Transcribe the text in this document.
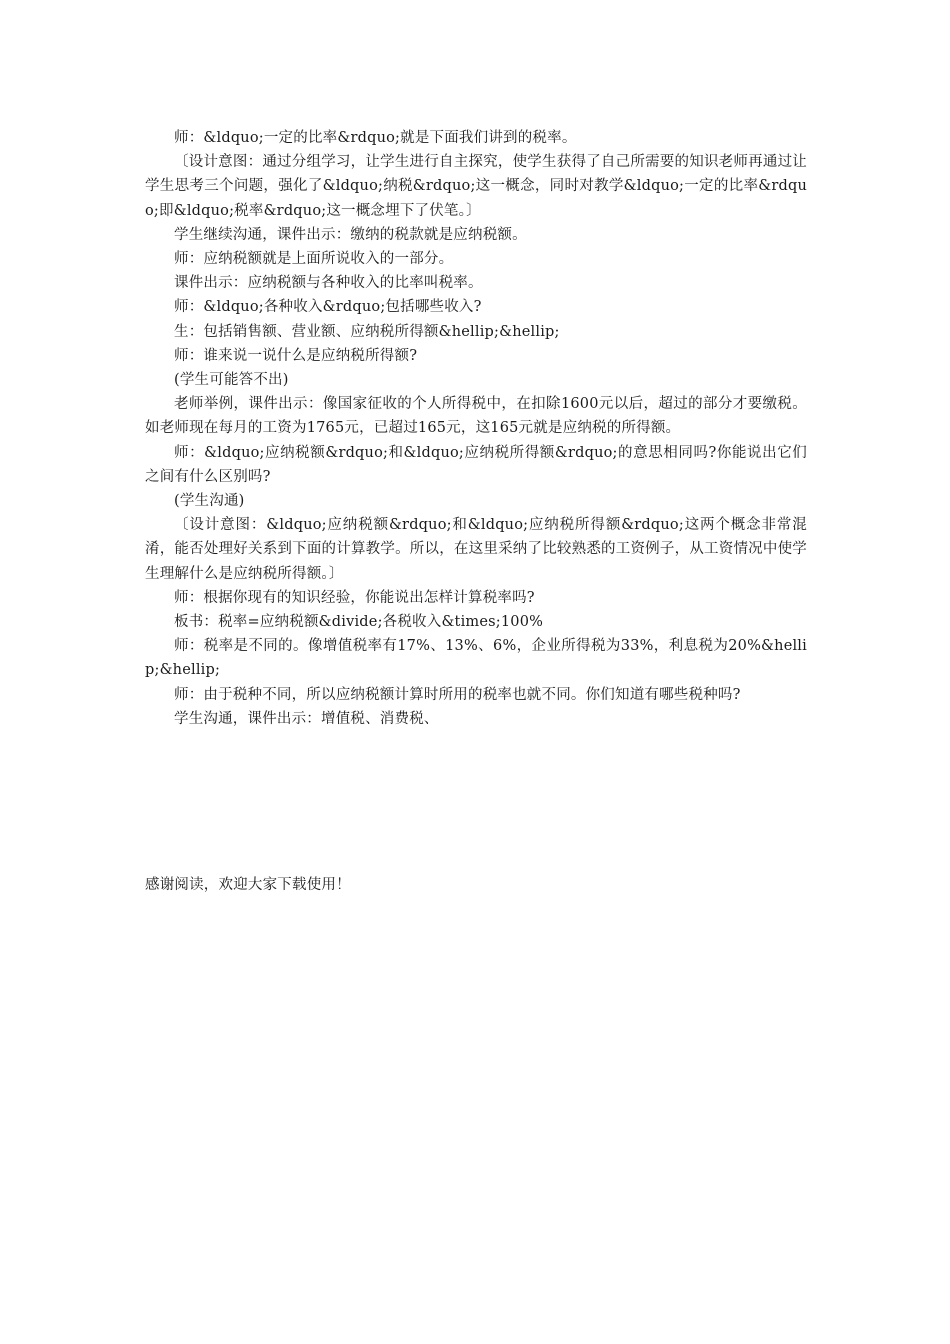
师：&ldquo;一定的比率&rdquo;就是下面我们讲到的税率。

〔设计意图：通过分组学习，让学生进行自主探究，使学生获得了自己所需要的知识老师再通过让学生思考三个问题，强化了&ldquo;纳税&rdquo;这一概念，同时对教学&ldquo;一定的比率&rdquo;即&ldquo;税率&rdquo;这一概念埋下了伏笔。〕

学生继续沟通，课件出示：缴纳的税款就是应纳税额。

师：应纳税额就是上面所说收入的一部分。

课件出示：应纳税额与各种收入的比率叫税率。

师：&ldquo;各种收入&rdquo;包括哪些收入?

生：包括销售额、营业额、应纳税所得额&hellip;&hellip;

师：谁来说一说什么是应纳税所得额?

(学生可能答不出)

老师举例，课件出示：像国家征收的个人所得税中，在扣除1600元以后，超过的部分才要缴税。如老师现在每月的工资为1765元，已超过165元，这165元就是应纳税的所得额。

师：&ldquo;应纳税额&rdquo;和&ldquo;应纳税所得额&rdquo;的意思相同吗?你能说出它们之间有什么区别吗?

(学生沟通)

〔设计意图：&ldquo;应纳税额&rdquo;和&ldquo;应纳税所得额&rdquo;这两个概念非常混淆，能否处理好关系到下面的计算教学。所以，在这里采纳了比较熟悉的工资例子，从工资情况中使学生理解什么是应纳税所得额。〕

师：根据你现有的知识经验，你能说出怎样计算税率吗?

板书：税率=应纳税额&divide;各税收入&times;100%

师：税率是不同的。像增值税率有17%、13%、6%，企业所得税为33%，利息税为20%&hellip;&hellip;

师：由于税种不同，所以应纳税额计算时所用的税率也就不同。你们知道有哪些税种吗?

学生沟通，课件出示：增值税、消费税、

感谢阅读，欢迎大家下载使用！
